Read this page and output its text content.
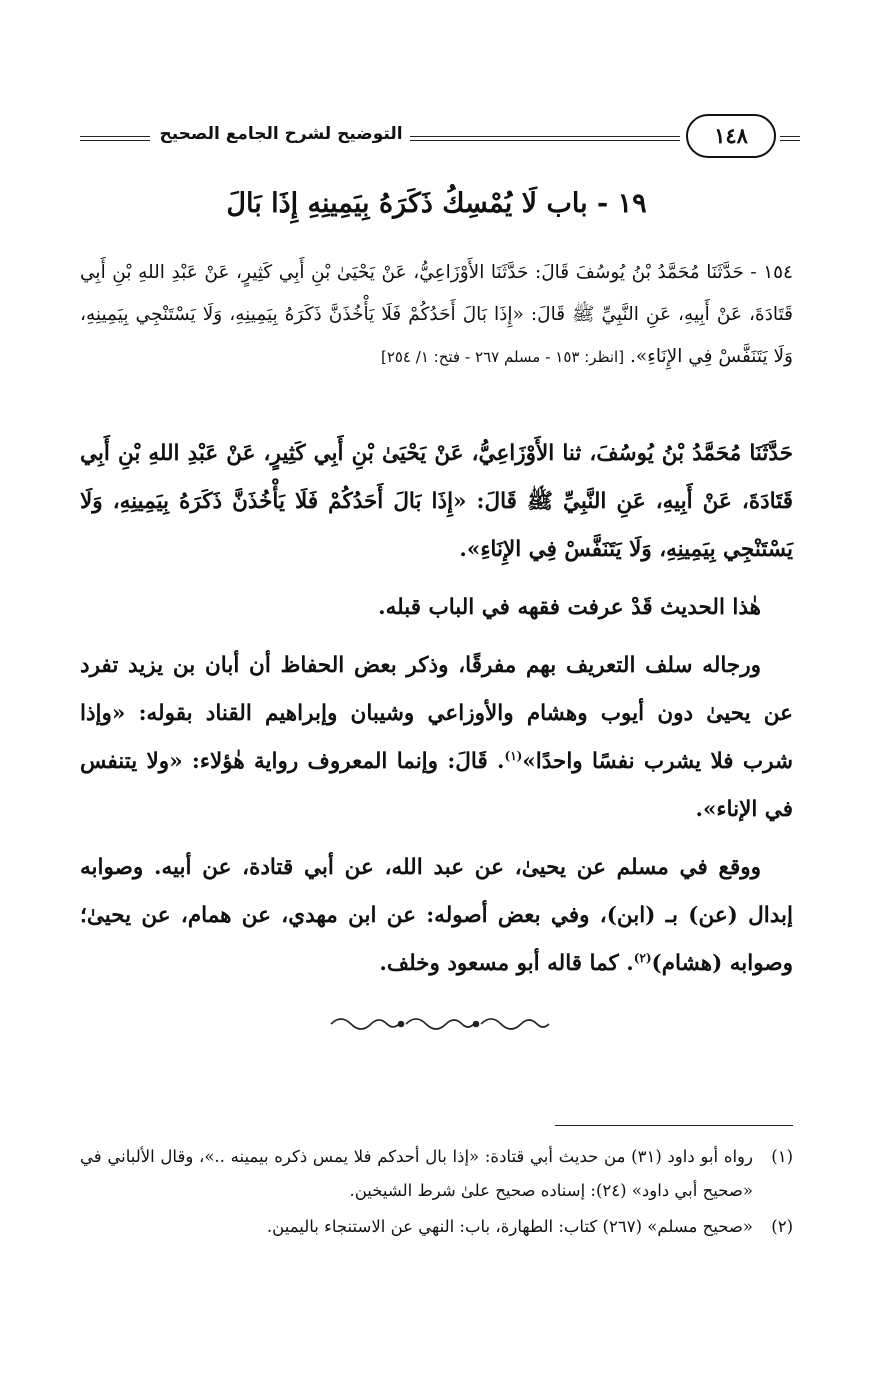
التوضيح لشرح الجامع الصحيح	١٤٨
١٩ - باب لَا يُمْسِكُ ذَكَرَهُ بِيَمِينِهِ إِذَا بَالَ
١٥٤ - حَدَّثَنَا مُحَمَّدُ بْنُ يُوسُفَ قَالَ: حَدَّثَنَا الأَوْزَاعِيُّ، عَنْ يَحْيَىٰ بْنِ أَبِي كَثِيرٍ، عَنْ عَبْدِ اللهِ بْنِ أَبِي قَتَادَةَ، عَنْ أَبِيهِ، عَنِ النَّبِيِّ ﷺ قَالَ: «إِذَا بَالَ أَحَدُكُمْ فَلَا يَأْخُذَنَّ ذَكَرَهُ بِيَمِينِهِ، وَلَا يَسْتَنْجِي بِيَمِينِهِ، وَلَا يَتَنَفَّسْ فِي الإِنَاءِ». [انظر: ١٥٣ - مسلم ٢٦٧ - فتح: ١/ ٢٥٤]

حَدَّثَنَا مُحَمَّدُ بْنُ يُوسُفَ، ثنا الأَوْزَاعِيُّ، عَنْ يَحْيَىٰ بْنِ أَبِي كَثِيرٍ، عَنْ عَبْدِ اللهِ بْنِ أَبِي قَتَادَةَ، عَنْ أَبِيهِ، عَنِ النَّبِيِّ ﷺ قَالَ: «إِذَا بَالَ أَحَدُكُمْ فَلَا يَأْخُذَنَّ ذَكَرَهُ بِيَمِينِهِ، وَلَا يَسْتَنْجِي بِيَمِينِهِ، وَلَا يَتَنَفَّسْ فِي الإِنَاءِ».

هٰذا الحديث قَدْ عرفت فقهه في الباب قبله.

ورجاله سلف التعريف بهم مفرقًا، وذكر بعض الحفاظ أن أبان بن يزيد تفرد عن يحيىٰ دون أيوب وهشام والأوزاعي وشيبان وإبراهيم القناد بقوله: «وإذا شرب فلا يشرب نفسًا واحدًا»$^{(١)}$. قَالَ: وإنما المعروف رواية هٰؤلاء: «ولا يتنفس في الإناء».

ووقع في مسلم عن يحيىٰ، عن عبد الله، عن أبي قتادة، عن أبيه. وصوابه إبدال (عن) بـ (ابن)، وفي بعض أصوله: عن ابن مهدي، عن همام، عن يحيىٰ؛ وصوابه (هشام)$^{(٢)}$. كما قاله أبو مسعود وخلف.

(١)
رواه أبو داود (٣١) من حديث أبي قتادة: «إذا بال أحدكم فلا يمس ذكره بيمينه ..»، وقال الألباني في «صحيح أبي داود» (٢٤): إسناده صحيح علىٰ شرط الشيخين.
(٢)
«صحيح مسلم» (٢٦٧) كتاب: الطهارة، باب: النهي عن الاستنجاء باليمين.
